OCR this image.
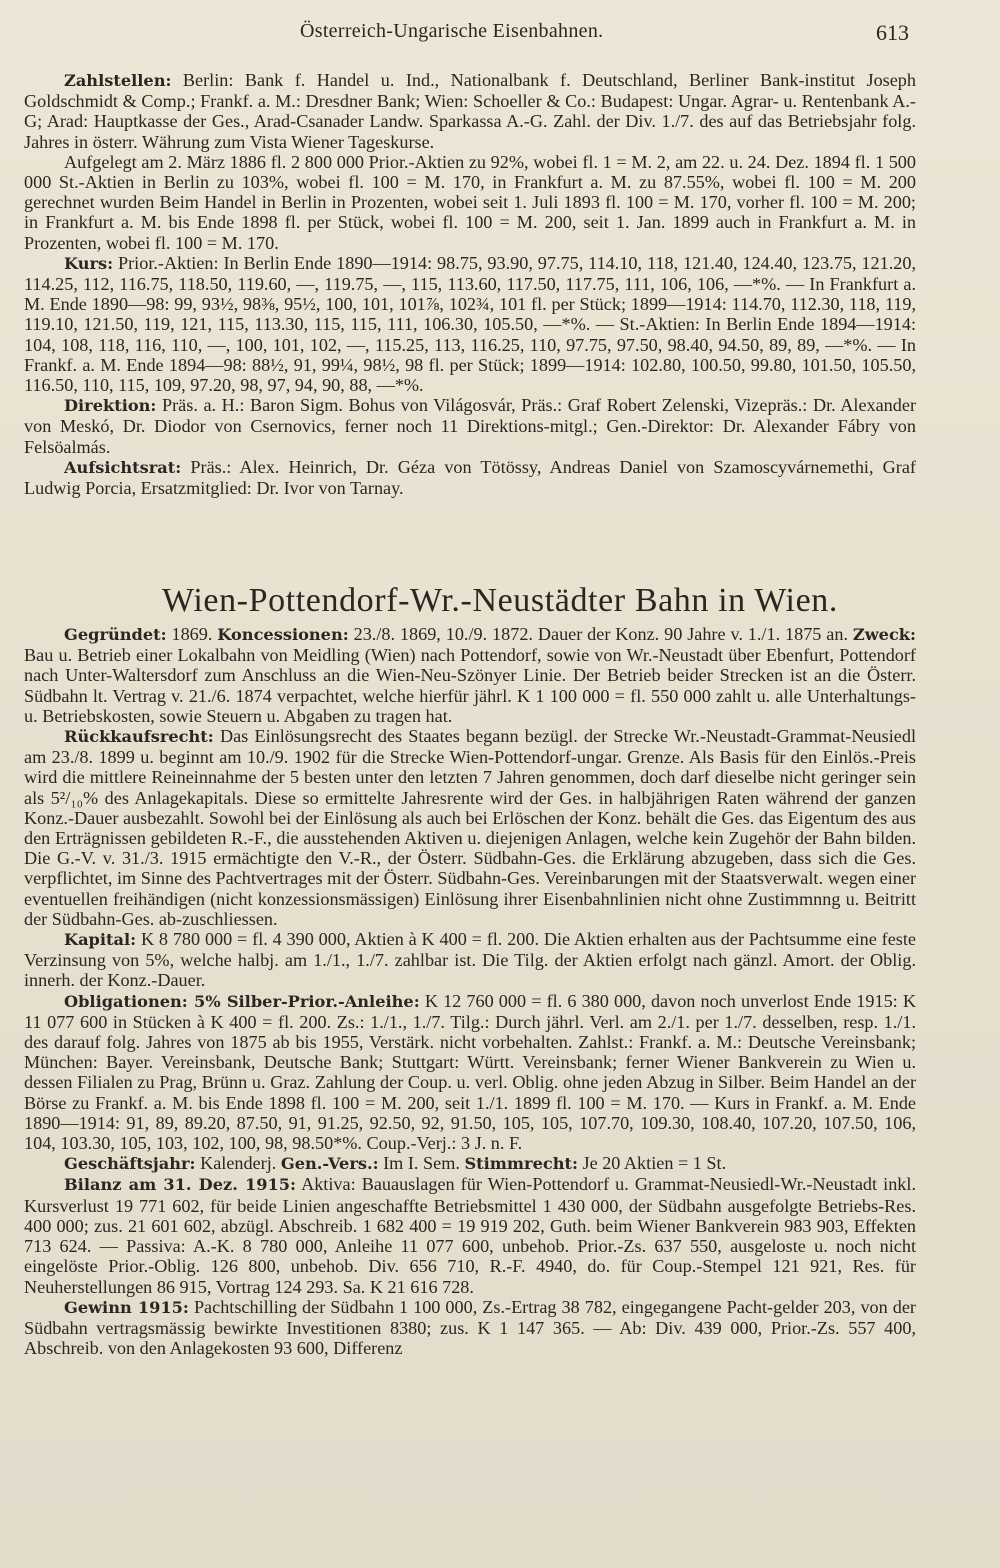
Österreich-Ungarische Eisenbahnen.	613

Zahlstellen: Berlin: Bank f. Handel u. Ind., Nationalbank f. Deutschland, Berliner Bank-institut Joseph Goldschmidt & Comp.; Frankf. a. M.: Dresdner Bank; Wien: Schoeller & Co.: Budapest: Ungar. Agrar- u. Rentenbank A.-G; Arad: Hauptkasse der Ges., Arad-Csanader Landw. Sparkassa A.-G. Zahl. der Div. 1./7. des auf das Betriebsjahr folg. Jahres in österr. Währung zum Vista Wiener Tageskurse.

Aufgelegt am 2. März 1886 fl. 2 800 000 Prior.-Aktien zu 92%, wobei fl. 1 = M. 2, am 22. u. 24. Dez. 1894 fl. 1 500 000 St.-Aktien in Berlin zu 103%, wobei fl. 100 = M. 170, in Frankfurt a. M. zu 87.55%, wobei fl. 100 = M. 200 gerechnet wurden Beim Handel in Berlin in Prozenten, wobei seit 1. Juli 1893 fl. 100 = M. 170, vorher fl. 100 = M. 200; in Frankfurt a. M. bis Ende 1898 fl. per Stück, wobei fl. 100 = M. 200, seit 1. Jan. 1899 auch in Frankfurt a. M. in Prozenten, wobei fl. 100 = M. 170.

Kurs: Prior.-Aktien: In Berlin Ende 1890—1914: 98.75, 93.90, 97.75, 114.10, 118, 121.40, 124.40, 123.75, 121.20, 114.25, 112, 116.75, 118.50, 119.60, —, 119.75, —, 115, 113.60, 117.50, 117.75, 111, 106, 106, —*%. — In Frankfurt a. M. Ende 1890—98: 99, 93½, 98⅜, 95½, 100, 101, 101⅞, 102¾, 101 fl. per Stück; 1899—1914: 114.70, 112.30, 118, 119, 119.10, 121.50, 119, 121, 115, 113.30, 115, 115, 111, 106.30, 105.50, —*%. — St.-Aktien: In Berlin Ende 1894—1914: 104, 108, 118, 116, 110, —, 100, 101, 102, —, 115.25, 113, 116.25, 110, 97.75, 97.50, 98.40, 94.50, 89, 89, —*%. — In Frankf. a. M. Ende 1894—98: 88½, 91, 99¼, 98½, 98 fl. per Stück; 1899—1914: 102.80, 100.50, 99.80, 101.50, 105.50, 116.50, 110, 115, 109, 97.20, 98, 97, 94, 90, 88, —*%.

Direktion: Präs. a. H.: Baron Sigm. Bohus von Világosvár, Präs.: Graf Robert Zelenski, Vizepräs.: Dr. Alexander von Meskó, Dr. Diodor von Csernovics, ferner noch 11 Direktions-mitgl.; Gen.-Direktor: Dr. Alexander Fábry von Felsöalmás.

Aufsichtsrat: Präs.: Alex. Heinrich, Dr. Géza von Tötössy, Andreas Daniel von Szamoscyvárnemethi, Graf Ludwig Porcia, Ersatzmitglied: Dr. Ivor von Tarnay.

Wien-Pottendorf-Wr.-Neustädter Bahn in Wien.

Gegründet: 1869. Koncessionen: 23./8. 1869, 10./9. 1872. Dauer der Konz. 90 Jahre v. 1./1. 1875 an. Zweck: Bau u. Betrieb einer Lokalbahn von Meidling (Wien) nach Pottendorf, sowie von Wr.-Neustadt über Ebenfurt, Pottendorf nach Unter-Waltersdorf zum Anschluss an die Wien-Neu-Szönyer Linie. Der Betrieb beider Strecken ist an die Österr. Südbahn lt. Vertrag v. 21./6. 1874 verpachtet, welche hierfür jährl. K 1 100 000 = fl. 550 000 zahlt u. alle Unterhaltungs- u. Betriebskosten, sowie Steuern u. Abgaben zu tragen hat.

Rückkaufsrecht: Das Einlösungsrecht des Staates begann bezügl. der Strecke Wr.-Neustadt-Grammat-Neusiedl am 23./8. 1899 u. beginnt am 10./9. 1902 für die Strecke Wien-Pottendorf-ungar. Grenze. Als Basis für den Einlös.-Preis wird die mittlere Reineinnahme der 5 besten unter den letzten 7 Jahren genommen, doch darf dieselbe nicht geringer sein als 5²/₁₀% des Anlagekapitals. Diese so ermittelte Jahresrente wird der Ges. in halbjährigen Raten während der ganzen Konz.-Dauer ausbezahlt. Sowohl bei der Einlösung als auch bei Erlöschen der Konz. behält die Ges. das Eigentum des aus den Erträgnissen gebildeten R.-F., die ausstehenden Aktiven u. diejenigen Anlagen, welche kein Zugehör der Bahn bilden. Die G.-V. v. 31./3. 1915 ermächtigte den V.-R., der Österr. Südbahn-Ges. die Erklärung abzugeben, dass sich die Ges. verpflichtet, im Sinne des Pachtvertrages mit der Österr. Südbahn-Ges. Vereinbarungen mit der Staatsverwalt. wegen einer eventuellen freihändigen (nicht konzessionsmässigen) Einlösung ihrer Eisenbahnlinien nicht ohne Zustimmnng u. Beitritt der Südbahn-Ges. ab-zuschliessen.

Kapital: K 8 780 000 = fl. 4 390 000, Aktien à K 400 = fl. 200. Die Aktien erhalten aus der Pachtsumme eine feste Verzinsung von 5%, welche halbj. am 1./1., 1./7. zahlbar ist. Die Tilg. der Aktien erfolgt nach gänzl. Amort. der Oblig. innerh. der Konz.-Dauer.

Obligationen: 5% Silber-Prior.-Anleihe: K 12 760 000 = fl. 6 380 000, davon noch unverlost Ende 1915: K 11 077 600 in Stücken à K 400 = fl. 200. Zs.: 1./1., 1./7. Tilg.: Durch jährl. Verl. am 2./1. per 1./7. desselben, resp. 1./1. des darauf folg. Jahres von 1875 ab bis 1955, Verstärk. nicht vorbehalten. Zahlst.: Frankf. a. M.: Deutsche Vereinsbank; München: Bayer. Vereinsbank, Deutsche Bank; Stuttgart: Württ. Vereinsbank; ferner Wiener Bankverein zu Wien u. dessen Filialen zu Prag, Brünn u. Graz. Zahlung der Coup. u. verl. Oblig. ohne jeden Abzug in Silber. Beim Handel an der Börse zu Frankf. a. M. bis Ende 1898 fl. 100 = M. 200, seit 1./1. 1899 fl. 100 = M. 170. — Kurs in Frankf. a. M. Ende 1890—1914: 91, 89, 89.20, 87.50, 91, 91.25, 92.50, 92, 91.50, 105, 105, 107.70, 109.30, 108.40, 107.20, 107.50, 106, 104, 103.30, 105, 103, 102, 100, 98, 98.50*%. Coup.-Verj.: 3 J. n. F.

Geschäftsjahr: Kalenderj. Gen.-Vers.: Im I. Sem. Stimmrecht: Je 20 Aktien = 1 St.

Bilanz am 31. Dez. 1915: Aktiva: Bauauslagen für Wien-Pottendorf u. Grammat-Neusiedl-Wr.-Neustadt inkl. Kursverlust 19 771 602, für beide Linien angeschaffte Betriebsmittel 1 430 000, der Südbahn ausgefolgte Betriebs-Res. 400 000; zus. 21 601 602, abzügl. Abschreib. 1 682 400 = 19 919 202, Guth. beim Wiener Bankverein 983 903, Effekten 713 624. — Passiva: A.-K. 8 780 000, Anleihe 11 077 600, unbehob. Prior.-Zs. 637 550, ausgeloste u. noch nicht eingelöste Prior.-Oblig. 126 800, unbehob. Div. 656 710, R.-F. 4940, do. für Coup.-Stempel 121 921, Res. für Neuherstellungen 86 915, Vortrag 124 293. Sa. K 21 616 728.

Gewinn 1915: Pachtschilling der Südbahn 1 100 000, Zs.-Ertrag 38 782, eingegangene Pacht-gelder 203, von der Südbahn vertragsmässig bewirkte Investitionen 8380; zus. K 1 147 365. — Ab: Div. 439 000, Prior.-Zs. 557 400, Abschreib. von den Anlagekosten 93 600, Differenz
